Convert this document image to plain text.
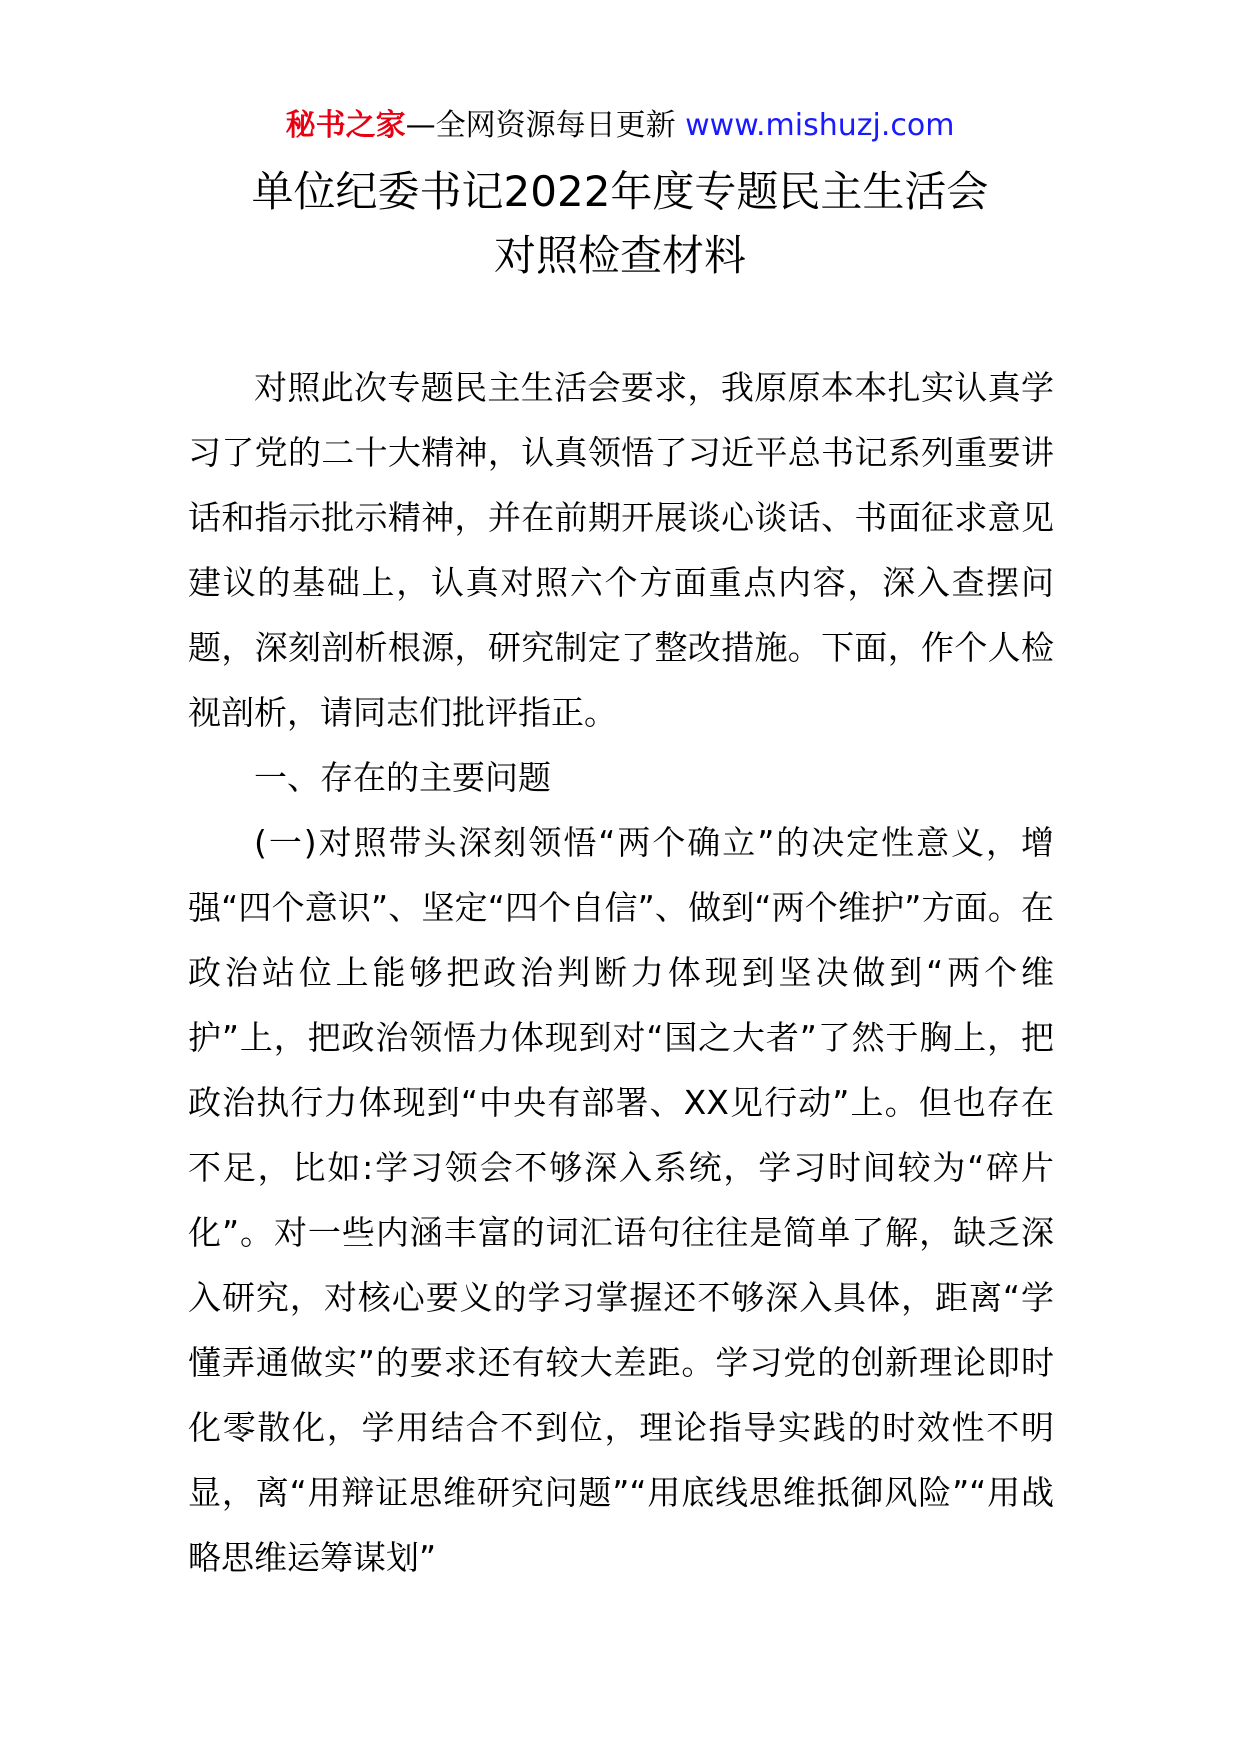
秘书之家—全网资源每日更新 www.mishuzj.com
单位纪委书记2022年度专题民主生活会
对照检查材料

对照此次专题民主生活会要求，我原原本本扎实认真学习了党的二十大精神，认真领悟了习近平总书记系列重要讲话和指示批示精神，并在前期开展谈心谈话、书面征求意见建议的基础上，认真对照六个方面重点内容，深入查摆问题，深刻剖析根源，研究制定了整改措施。下面，作个人检视剖析，请同志们批评指正。

一、存在的主要问题

(一)对照带头深刻领悟“两个确立”的决定性意义，增强“四个意识”、坚定“四个自信”、做到“两个维护”方面。在政治站位上能够把政治判断力体现到坚决做到“两个维护”上，把政治领悟力体现到对“国之大者”了然于胸上，把政治执行力体现到“中央有部署、XX见行动”上。但也存在不足，比如:学习领会不够深入系统，学习时间较为“碎片化”。对一些内涵丰富的词汇语句往往是简单了解，缺乏深入研究，对核心要义的学习掌握还不够深入具体，距离“学懂弄通做实”的要求还有较大差距。学习党的创新理论即时化零散化，学用结合不到位，理论指导实践的时效性不明显，离“用辩证思维研究问题”“用底线思维抵御风险”“用战略思维运筹谋划”
